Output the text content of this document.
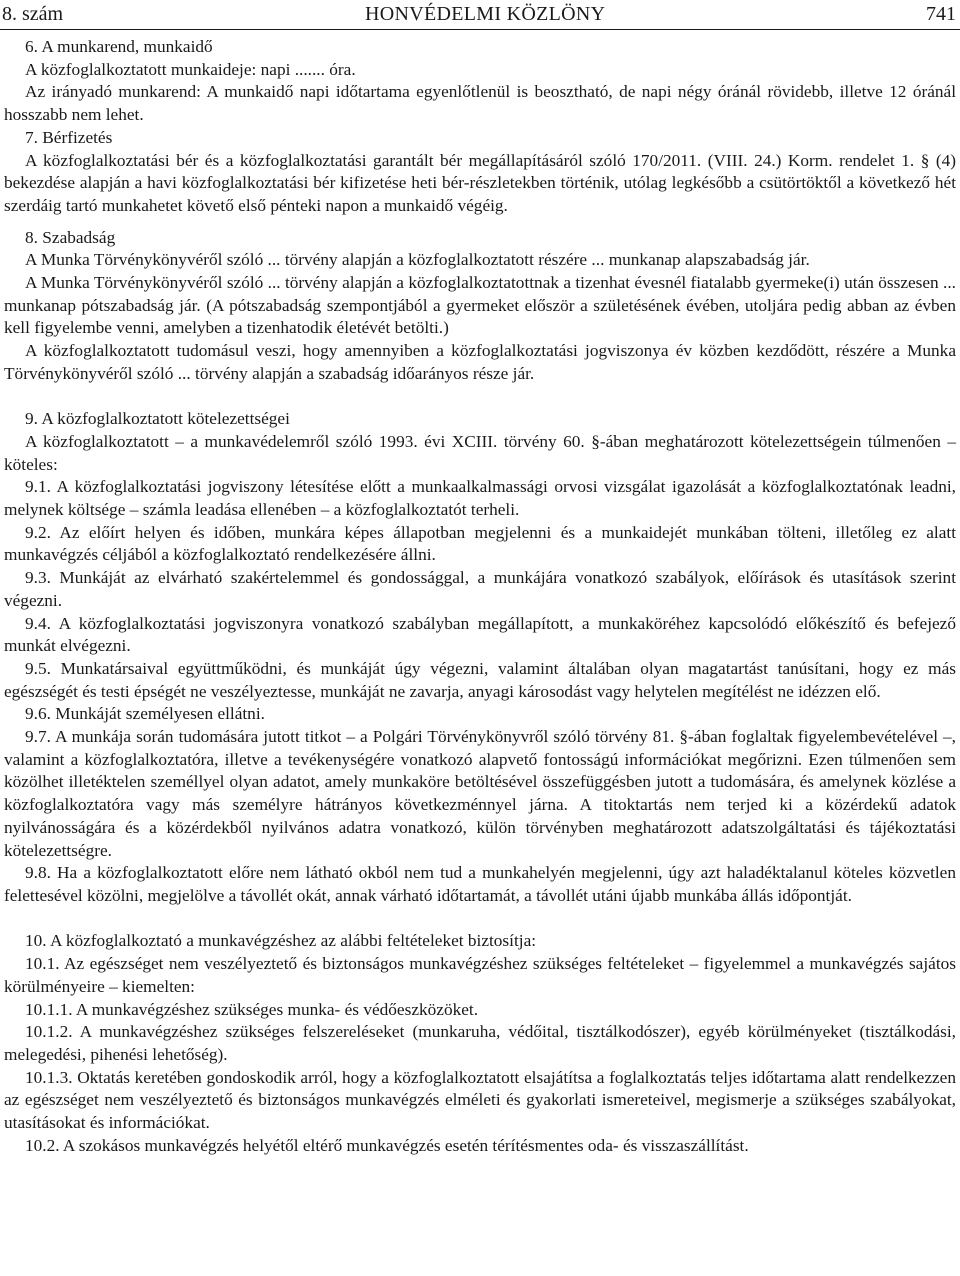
8. szám	HONVÉDELMI KÖZLÖNY	741

6. A munkarend, munkaidő

A közfoglalkoztatott munkaideje: napi ....... óra.

Az irányadó munkarend: A munkaidő napi időtartama egyenlőtlenül is beosztható, de napi négy óránál rövidebb, illetve 12 óránál hosszabb nem lehet.

7. Bérfizetés

A közfoglalkoztatási bér és a közfoglalkoztatási garantált bér megállapításáról szóló 170/2011. (VIII. 24.) Korm. rendelet 1. § (4) bekezdése alapján a havi közfoglalkoztatási bér kifizetése heti bér-részletekben történik, utólag legkésőbb a csütörtöktől a következő hét szerdáig tartó munkahetet követő első pénteki napon a munkaidő végéig.

8. Szabadság

A Munka Törvénykönyvéről szóló ... törvény alapján a közfoglalkoztatott részére ... munkanap alapszabadság jár.

A Munka Törvénykönyvéről szóló ... törvény alapján a közfoglalkoztatottnak a tizenhat évesnél fiatalabb gyermeke(i) után összesen ... munkanap pótszabadság jár. (A pótszabadság szempontjából a gyermeket először a születésének évében, utoljára pedig abban az évben kell figyelembe venni, amelyben a tizenhatodik életévét betölti.)

A közfoglalkoztatott tudomásul veszi, hogy amennyiben a közfoglalkoztatási jogviszonya év közben kezdődött, részére a Munka Törvénykönyvéről szóló ... törvény alapján a szabadság időarányos része jár.

9. A közfoglalkoztatott kötelezettségei

A közfoglalkoztatott – a munkavédelemről szóló 1993. évi XCIII. törvény 60. §-ában meghatározott kötelezettségein túlmenően – köteles:

9.1. A közfoglalkoztatási jogviszony létesítése előtt a munkaalkalmassági orvosi vizsgálat igazolását a közfoglalkoztatónak leadni, melynek költsége – számla leadása ellenében – a közfoglalkoztatót terheli.

9.2. Az előírt helyen és időben, munkára képes állapotban megjelenni és a munkaidejét munkában tölteni, illetőleg ez alatt munkavégzés céljából a közfoglalkoztató rendelkezésére állni.

9.3. Munkáját az elvárható szakértelemmel és gondossággal, a munkájára vonatkozó szabályok, előírások és utasítások szerint végezni.

9.4. A közfoglalkoztatási jogviszonyra vonatkozó szabályban megállapított, a munkaköréhez kapcsolódó előkészítő és befejező munkát elvégezni.

9.5. Munkatársaival együttműködni, és munkáját úgy végezni, valamint általában olyan magatartást tanúsítani, hogy ez más egészségét és testi épségét ne veszélyeztesse, munkáját ne zavarja, anyagi károsodást vagy helytelen megítélést ne idézzen elő.

9.6. Munkáját személyesen ellátni.

9.7. A munkája során tudomására jutott titkot – a Polgári Törvénykönyvről szóló törvény 81. §-ában foglaltak figyelembevételével –, valamint a közfoglalkoztatóra, illetve a tevékenységére vonatkozó alapvető fontosságú információkat megőrizni. Ezen túlmenően sem közölhet illetéktelen személlyel olyan adatot, amely munkaköre betöltésével összefüggésben jutott a tudomására, és amelynek közlése a közfoglalkoztatóra vagy más személyre hátrányos következménnyel járna. A titoktartás nem terjed ki a közérdekű adatok nyilvánosságára és a közérdekből nyilvános adatra vonatkozó, külön törvényben meghatározott adatszolgáltatási és tájékoztatási kötelezettségre.

9.8. Ha a közfoglalkoztatott előre nem látható okból nem tud a munkahelyén megjelenni, úgy azt haladéktalanul köteles közvetlen felettesével közölni, megjelölve a távollét okát, annak várható időtartamát, a távollét utáni újabb munkába állás időpontját.

10. A közfoglalkoztató a munkavégzéshez az alábbi feltételeket biztosítja:

10.1. Az egészséget nem veszélyeztető és biztonságos munkavégzéshez szükséges feltételeket – figyelemmel a munkavégzés sajátos körülményeire – kiemelten:

10.1.1. A munkavégzéshez szükséges munka- és védőeszközöket.

10.1.2. A munkavégzéshez szükséges felszereléseket (munkaruha, védőital, tisztálkodószer), egyéb körülményeket (tisztálkodási, melegedési, pihenési lehetőség).

10.1.3. Oktatás keretében gondoskodik arról, hogy a közfoglalkoztatott elsajátítsa a foglalkoztatás teljes időtartama alatt rendelkezzen az egészséget nem veszélyeztető és biztonságos munkavégzés elméleti és gyakorlati ismereteivel, megismerje a szükséges szabályokat, utasításokat és információkat.

10.2. A szokásos munkavégzés helyétől eltérő munkavégzés esetén térítésmentes oda- és visszaszállítást.
